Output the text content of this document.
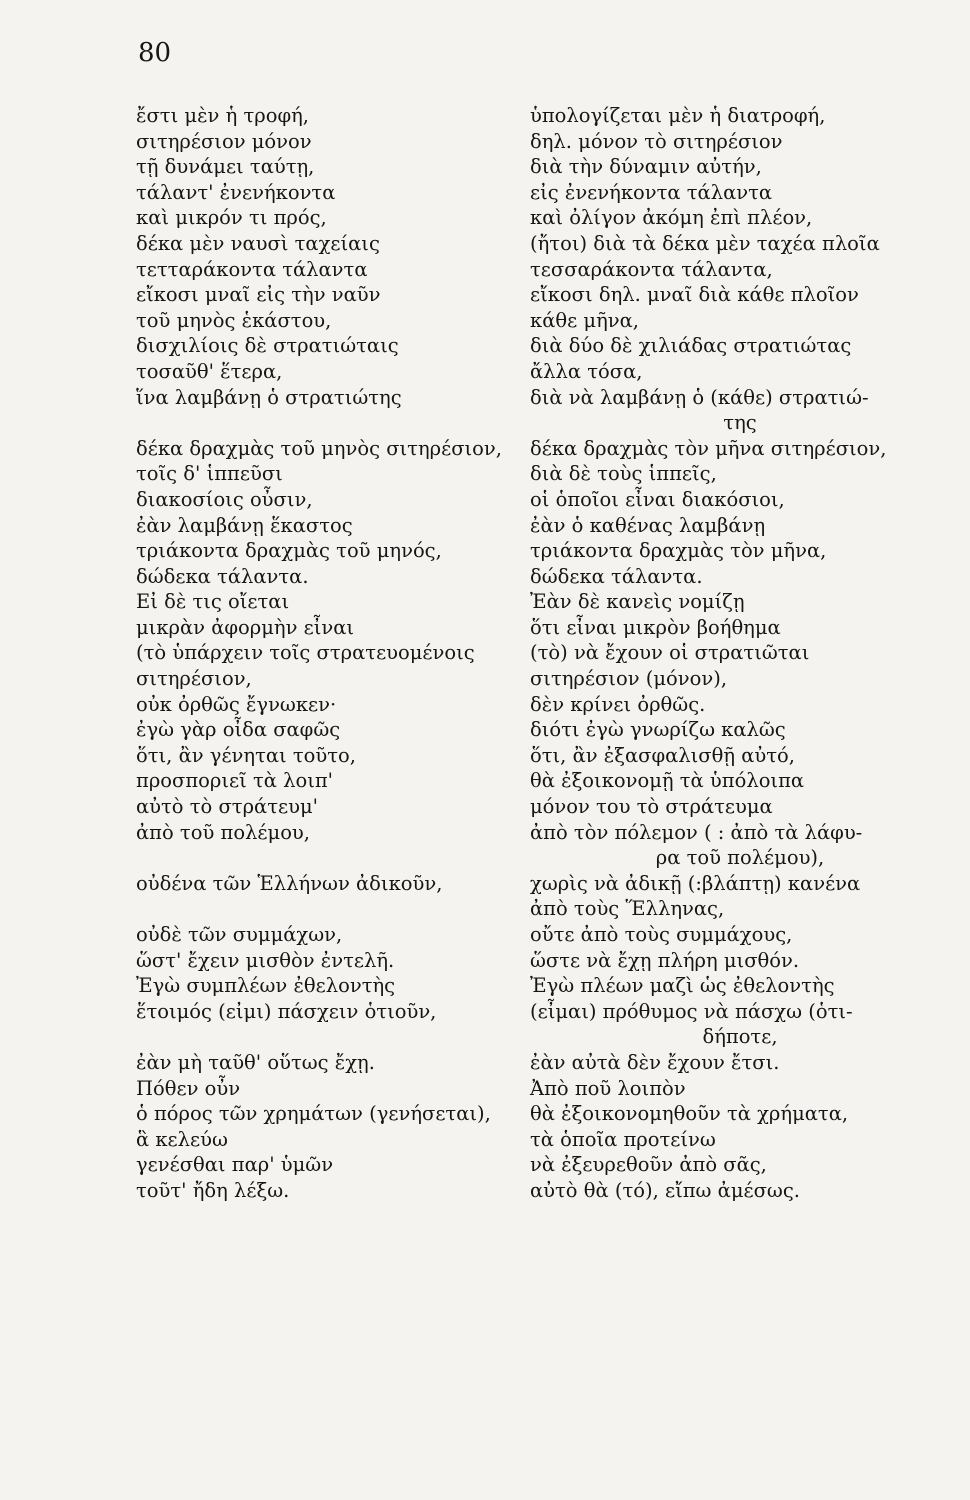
80
ἔστι μὲν ἡ τροφή,
σιτηρέσιον μόνον
τῇ δυνάμει ταύτῃ,
τάλαντ' ἐνενήκοντα
καὶ μικρόν τι πρός,
δέκα μὲν ναυσὶ ταχείαις
τετταράκοντα τάλαντα
εἴκοσι μναῖ εἰς τὴν ναῦν
τοῦ μηνὸς ἑκάστου,
δισχιλίοις δὲ στρατιώταις
τοσαῦθ' ἕτερα,
ἵνα λαμβάνῃ ὁ στρατιώτης

δέκα δραχμὰς τοῦ μηνὸς σιτηρέσιον,
τοῖς δ' ἱππεῦσι
διακοσίοις οὖσιν,
ἐὰν λαμβάνῃ ἕκαστος
τριάκοντα δραχμὰς τοῦ μηνός,
δώδεκα τάλαντα.
Εἰ δὲ τις οἴεται
μικρὰν ἀφορμὴν εἶναι
(τὸ ὑπάρχειν τοῖς στρατευομένοις
σιτηρέσιον,
οὐκ ὀρθῶς ἔγνωκεν·
ἐγὼ γὰρ οἶδα σαφῶς
ὅτι, ἂν γένηται τοῦτο,
προσποριεῖ τὰ λοιπ'
αὐτὸ τὸ στράτευμ'
ἀπὸ τοῦ πολέμου,

οὐδένα τῶν Ἑλλήνων ἀδικοῦν,

οὐδὲ τῶν συμμάχων,
ὥστ' ἔχειν μισθὸν ἐντελῆ.
Ἐγὼ συμπλέων ἐθελοντὴς
ἕτοιμός (εἰμι) πάσχειν ὁτιοῦν,

ἐὰν μὴ ταῦθ' οὕτως ἔχῃ.
Πόθεν οὖν
ὁ πόρος τῶν χρημάτων (γενήσεται),
ἃ κελεύω
γενέσθαι παρ' ὑμῶν
τοῦτ' ἤδη λέξω.
ὑπολογίζεται μὲν ἡ διατροφή,
δηλ. μόνον τὸ σιτηρέσιον
διὰ τὴν δύναμιν αὐτήν,
εἰς ἐνενήκοντα τάλαντα
καὶ ὀλίγον ἀκόμη ἐπὶ πλέον,
(ἤτοι) διὰ τὰ δέκα μὲν ταχέα πλοῖα
τεσσαράκοντα τάλαντα,
εἴκοσι δηλ. μναῖ διὰ κάθε πλοῖον
κάθε μῆνα,
διὰ δύο δὲ χιλιάδας στρατιώτας
ἄλλα τόσα,
διὰ νὰ λαμβάνῃ ὁ (κάθε) στρατιώ-
της
δέκα δραχμὰς τὸν μῆνα σιτηρέσιον,
διὰ δὲ τοὺς ἱππεῖς,
οἱ ὁποῖοι εἶναι διακόσιοι,
ἐὰν ὁ καθένας λαμβάνῃ
τριάκοντα δραχμὰς τὸν μῆνα,
δώδεκα τάλαντα.
Ἐὰν δὲ κανεὶς νομίζῃ
ὅτι εἶναι μικρὸν βοήθημα
(τὸ) νὰ ἔχουν οἱ στρατιῶται
σιτηρέσιον (μόνον),
δὲν κρίνει ὀρθῶς.
διότι ἐγὼ γνωρίζω καλῶς
ὅτι, ἂν ἐξασφαλισθῇ αὐτό,
θὰ ἐξοικονομῇ τὰ ὑπόλοιπα
μόνον του τὸ στράτευμα
ἀπὸ τὸν πόλεμον ( : ἀπὸ τὰ λάφυ-
ρα τοῦ πολέμου),
χωρὶς νὰ ἀδικῇ (:βλάπτῃ) κανένα
ἀπὸ τοὺς Ἕλληνας,
οὔτε ἀπὸ τοὺς συμμάχους,
ὥστε νὰ ἔχῃ πλήρη μισθόν.
Ἐγὼ πλέων μαζὶ ὡς ἐθελοντὴς
(εἶμαι) πρόθυμος νὰ πάσχω (ὁτι-
δήποτε,
ἐὰν αὐτὰ δὲν ἔχουν ἔτσι.
Ἀπὸ ποῦ λοιπὸν
θὰ ἐξοικονομηθοῦν τὰ χρήματα,
τὰ ὁποῖα προτείνω
νὰ ἐξευρεθοῦν ἀπὸ σᾶς,
αὐτὸ θὰ (τό), εἴπω ἀμέσως.
